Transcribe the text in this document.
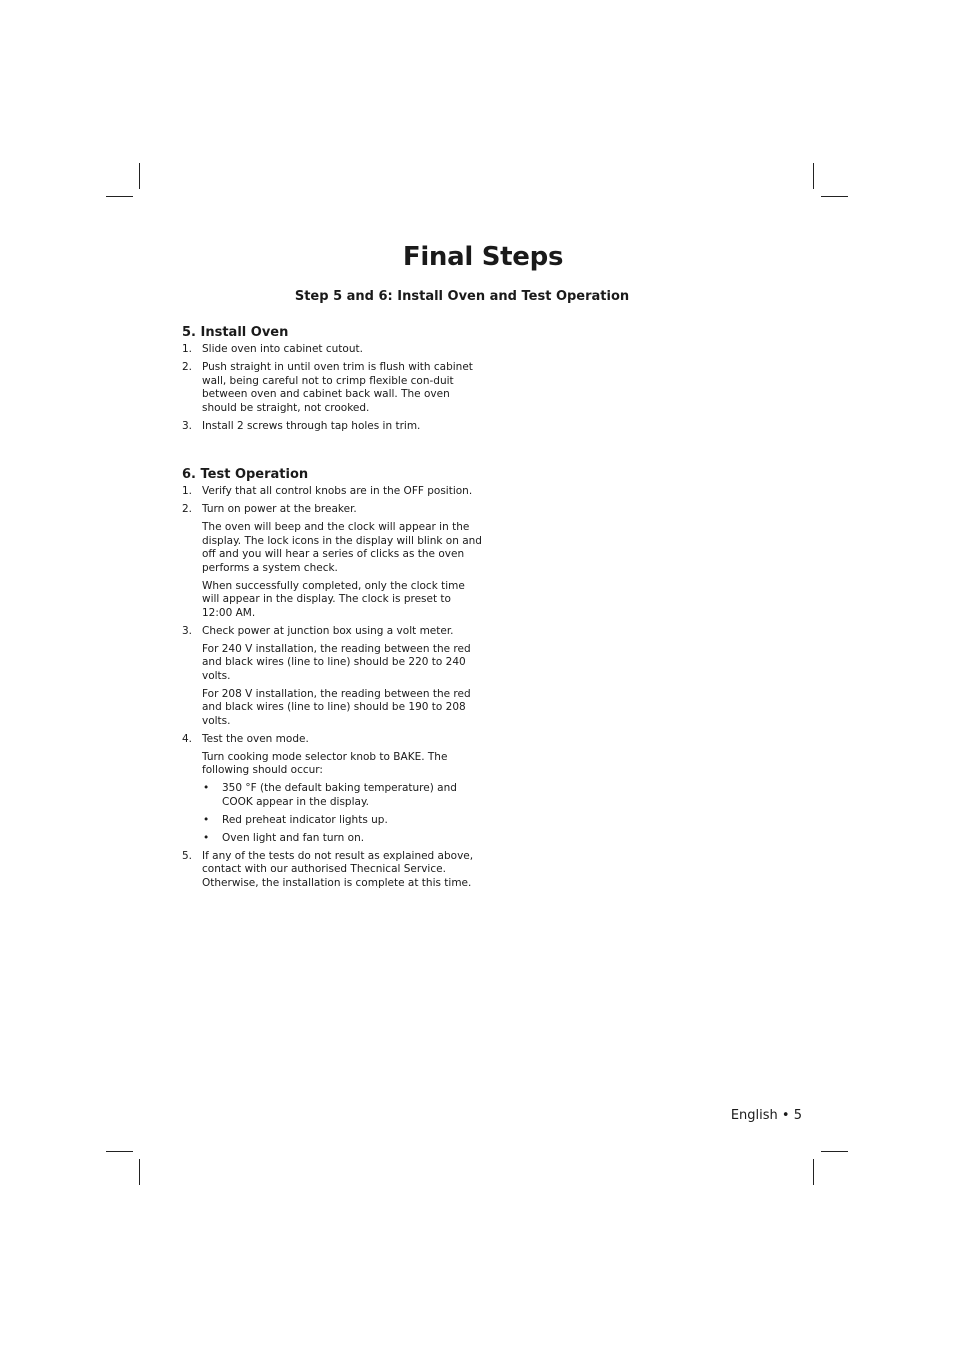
Final Steps
Step 5 and 6: Install Oven and Test Operation
5. Install Oven
1. Slide oven into cabinet cutout.

2. Push straight in until oven trim is flush with cabinet wall, being careful not to crimp flexible con-duit between oven and cabinet back wall. The oven should be straight, not crooked.

3. Install 2 screws through tap holes in trim.

6. Test Operation
1. Verify that all control knobs are in the OFF position.

2. Turn on power at the breaker.

The oven will beep and the clock will appear in the display. The lock icons in the display will blink on and off and you will hear a series of clicks as the oven performs a system check.

When successfully completed, only the clock time will appear in the display. The clock is preset to 12:00 AM.

3. Check power at junction box using a volt meter.

For 240 V installation, the reading between the red and black wires (line to line) should be 220 to 240 volts.

For 208 V installation, the reading between the red and black wires (line to line) should be 190 to 208 volts.

4. Test the oven mode.

Turn cooking mode selector knob to BAKE. The following should occur:

• 350 °F (the default baking temperature) and COOK appear in the display.
• Red preheat indicator lights up.
• Oven light and fan turn on.
5. If any of the tests do not result as explained above, contact with our authorised Thecnical Service. Otherwise, the installation is complete at this time.

English • 5
